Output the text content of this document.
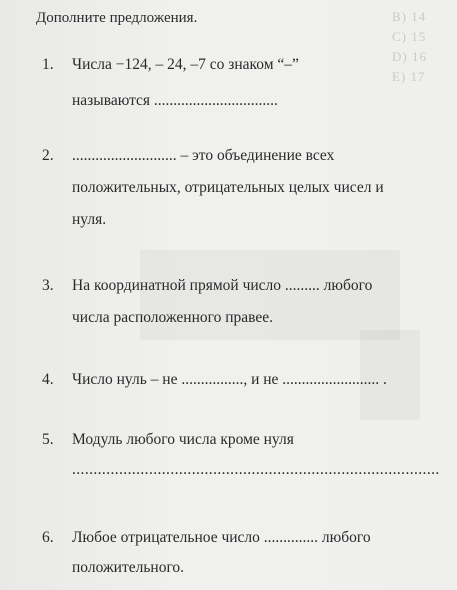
B) 14
C) 15
D) 16
E) 17
Дополните предложения.
1. Числа −124, – 24, –7 со знаком “–”
называются ................................
2. ........................... – это объединение всех
положительных, отрицательных целых чисел и
нуля.
3. На координатной прямой число ......... любого
числа расположенного правее.
4. Число нуль – не ................, и не ......................... .
5. Модуль любого числа кроме нуля
......................................................................................
6. Любое отрицательное число .............. любого
положительного.
